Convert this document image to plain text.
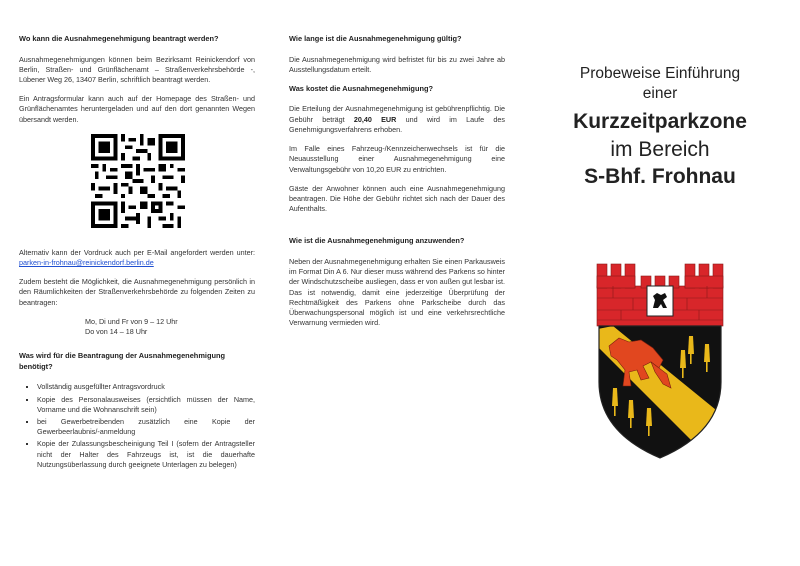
Wo kann die Ausnahmegenehmigung beantragt werden?

Ausnahmegenehmigungen können beim Bezirksamt Reinickendorf von Berlin, Straßen- und Grünflächenamt – Straßenverkehrsbehörde -, Lübener Weg 26, 13407 Berlin, schriftlich beantragt werden.

Ein Antragsformular kann auch auf der Homepage des Straßen- und Grünflächenamtes heruntergeladen und auf den dort genannten Wegen übersandt werden.

Alternativ kann der Vordruck auch per E-Mail angefordert werden unter: parken-in-frohnau@reinickendorf.berlin.de

Zudem besteht die Möglichkeit, die Ausnahmegenehmigung persönlich in den Räumlichkeiten der Straßenverkehrsbehörde zu folgenden Zeiten zu beantragen:

Mo, Di und Fr von 9 – 12 Uhr
Do von 14 – 18 Uhr
Was wird für die Beantragung der Ausnahmegenehmigung benötigt?
▪ Vollständig ausgefüllter Antragsvordruck
▪ Kopie des Personalausweises (ersichtlich müssen der Name, Vorname und die Wohnanschrift sein)
▪ bei Gewerbetreibenden zusätzlich eine Kopie der Gewerbeerlaubnis/-anmeldung
▪ Kopie der Zulassungsbescheinigung Teil I (sofern der Antragsteller nicht der Halter des Fahrzeugs ist, ist die dauerhafte Nutzungsüberlassung durch geeignete Unterlagen zu belegen)
Wie lange ist die Ausnahmegenehmigung gültig?

Die Ausnahmegenehmigung wird befristet für bis zu zwei Jahre ab Ausstellungsdatum erteilt.

Was kostet die Ausnahmegenehmigung?

Die Erteilung der Ausnahmegenehmigung ist gebührenpflichtig. Die Gebühr beträgt 20,40 EUR und wird im Laufe des Genehmigungsverfahrens erhoben.

Im Falle eines Fahrzeug-/Kennzeichenwechsels ist für die Neuausstellung einer Ausnahmegenehmigung eine Verwaltungsgebühr von 10,20 EUR zu entrichten.

Gäste der Anwohner können auch eine Ausnahmegenehmigung beantragen. Die Höhe der Gebühr richtet sich nach der Dauer des Aufenthalts.

Wie ist die Ausnahmegenehmigung anzuwenden?

Neben der Ausnahmegenehmigung erhalten Sie einen Parkausweis im Format Din A 6. Nur dieser muss während des Parkens so hinter der Windschutzscheibe ausliegen, dass er von außen gut lesbar ist. Das ist notwendig, damit eine jederzeitige Überprüfung der Rechtmäßigkeit des Parkens ohne Parkscheibe durch das Überwachungspersonal möglich ist und eine verkehrsrechtliche Verwarnung vermieden wird.

Probeweise Einführung
einer
Kurzzeitparkzone
im Bereich
S-Bhf. Frohnau
